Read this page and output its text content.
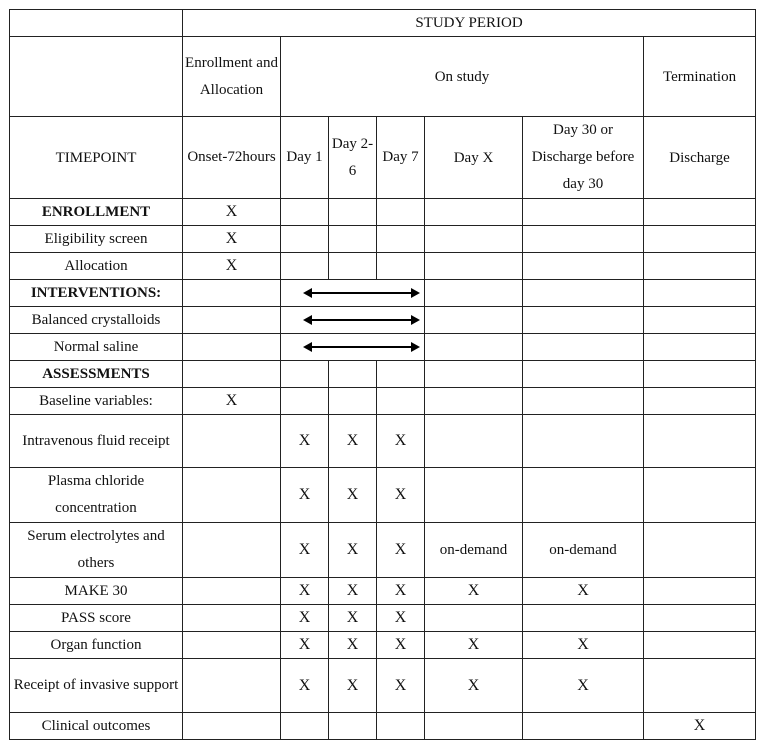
	STUDY PERIOD						
	Enrollment and Allocation	On study					Termination
TIMEPOINT	Onset-72hours	Day 1	Day 2-6	Day 7	Day X	Day 30 or Discharge before day 30	Discharge
ENROLLMENT	X						
Eligibility screen	X						
Allocation	X						
INTERVENTIONS:				

Balanced crystalloids				

Normal saline				

ASSESSMENTS							
Baseline variables:	X						
Intravenous fluid receipt		X	X	X			
Plasma chloride concentration		X	X	X			
Serum electrolytes and others		X	X	X	on-demand	on-demand	
MAKE 30		X	X	X	X	X	
PASS score		X	X	X			
Organ function		X	X	X	X	X	
Receipt of invasive support		X	X	X	X	X	
Clinical outcomes							X
